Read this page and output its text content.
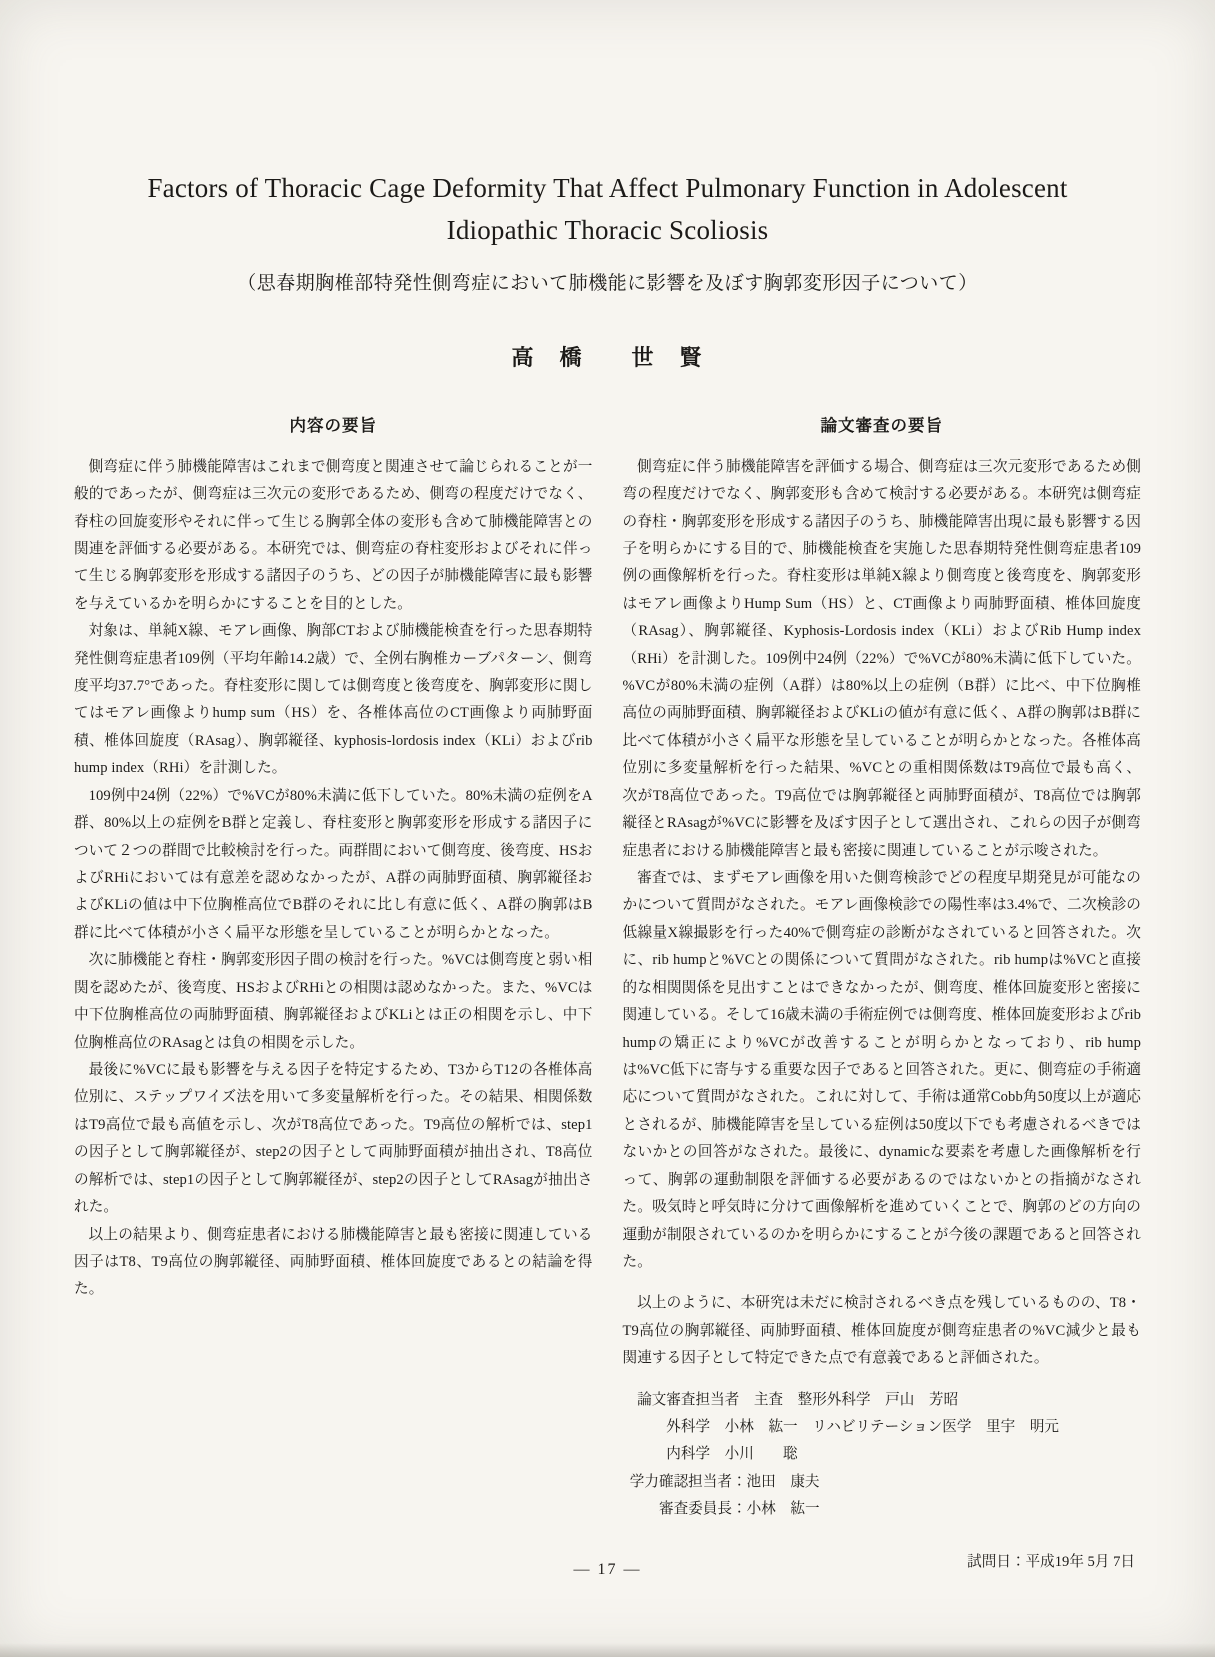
Factors of Thoracic Cage Deformity That Affect Pulmonary Function in Adolescent
Idiopathic Thoracic Scoliosis
（思春期胸椎部特発性側弯症において肺機能に影響を及ぼす胸郭変形因子について）
高　橋　　世　賢
内容の要旨

側弯症に伴う肺機能障害はこれまで側弯度と関連させて論じられることが一般的であったが、側弯症は三次元の変形であるため、側弯の程度だけでなく、脊柱の回旋変形やそれに伴って生じる胸郭全体の変形も含めて肺機能障害との関連を評価する必要がある。本研究では、側弯症の脊柱変形およびそれに伴って生じる胸郭変形を形成する諸因子のうち、どの因子が肺機能障害に最も影響を与えているかを明らかにすることを目的とした。

対象は、単純X線、モアレ画像、胸部CTおよび肺機能検査を行った思春期特発性側弯症患者109例（平均年齢14.2歳）で、全例右胸椎カーブパターン、側弯度平均37.7°であった。脊柱変形に関しては側弯度と後弯度を、胸郭変形に関してはモアレ画像よりhump sum（HS）を、各椎体高位のCT画像より両肺野面積、椎体回旋度（RAsag）、胸郭縦径、kyphosis-lordosis index（KLi）およびrib hump index（RHi）を計測した。

109例中24例（22%）で%VCが80%未満に低下していた。80%未満の症例をA群、80%以上の症例をB群と定義し、脊柱変形と胸郭変形を形成する諸因子について２つの群間で比較検討を行った。両群間において側弯度、後弯度、HSおよびRHiにおいては有意差を認めなかったが、A群の両肺野面積、胸郭縦径およびKLiの値は中下位胸椎高位でB群のそれに比し有意に低く、A群の胸郭はB群に比べて体積が小さく扁平な形態を呈していることが明らかとなった。

次に肺機能と脊柱・胸郭変形因子間の検討を行った。%VCは側弯度と弱い相関を認めたが、後弯度、HSおよびRHiとの相関は認めなかった。また、%VCは中下位胸椎高位の両肺野面積、胸郭縦径およびKLiとは正の相関を示し、中下位胸椎高位のRAsagとは負の相関を示した。

最後に%VCに最も影響を与える因子を特定するため、T3からT12の各椎体高位別に、ステップワイズ法を用いて多変量解析を行った。その結果、相関係数はT9高位で最も高値を示し、次がT8高位であった。T9高位の解析では、step1の因子として胸郭縦径が、step2の因子として両肺野面積が抽出され、T8高位の解析では、step1の因子として胸郭縦径が、step2の因子としてRAsagが抽出された。

以上の結果より、側弯症患者における肺機能障害と最も密接に関連している因子はT8、T9高位の胸郭縦径、両肺野面積、椎体回旋度であるとの結論を得た。

論文審査の要旨

側弯症に伴う肺機能障害を評価する場合、側弯症は三次元変形であるため側弯の程度だけでなく、胸郭変形も含めて検討する必要がある。本研究は側弯症の脊柱・胸郭変形を形成する諸因子のうち、肺機能障害出現に最も影響する因子を明らかにする目的で、肺機能検査を実施した思春期特発性側弯症患者109例の画像解析を行った。脊柱変形は単純X線より側弯度と後弯度を、胸郭変形はモアレ画像よりHump Sum（HS）と、CT画像より両肺野面積、椎体回旋度（RAsag）、胸郭縦径、Kyphosis-Lordosis index（KLi）およびRib Hump index（RHi）を計測した。109例中24例（22%）で%VCが80%未満に低下していた。%VCが80%未満の症例（A群）は80%以上の症例（B群）に比べ、中下位胸椎高位の両肺野面積、胸郭縦径およびKLiの値が有意に低く、A群の胸郭はB群に比べて体積が小さく扁平な形態を呈していることが明らかとなった。各椎体高位別に多変量解析を行った結果、%VCとの重相関係数はT9高位で最も高く、次がT8高位であった。T9高位では胸郭縦径と両肺野面積が、T8高位では胸郭縦径とRAsagが%VCに影響を及ぼす因子として選出され、これらの因子が側弯症患者における肺機能障害と最も密接に関連していることが示唆された。

審査では、まずモアレ画像を用いた側弯検診でどの程度早期発見が可能なのかについて質問がなされた。モアレ画像検診での陽性率は3.4%で、二次検診の低線量X線撮影を行った40%で側弯症の診断がなされていると回答された。次に、rib humpと%VCとの関係について質問がなされた。rib humpは%VCと直接的な相関関係を見出すことはできなかったが、側弯度、椎体回旋変形と密接に関連している。そして16歳未満の手術症例では側弯度、椎体回旋変形およびrib humpの矯正により%VCが改善することが明らかとなっており、rib humpは%VC低下に寄与する重要な因子であると回答された。更に、側弯症の手術適応について質問がなされた。これに対して、手術は通常Cobb角50度以上が適応とされるが、肺機能障害を呈している症例は50度以下でも考慮されるべきではないかとの回答がなされた。最後に、dynamicな要素を考慮した画像解析を行って、胸郭の運動制限を評価する必要があるのではないかとの指摘がなされた。吸気時と呼気時に分けて画像解析を進めていくことで、胸郭のどの方向の運動が制限されているのかを明らかにすることが今後の課題であると回答された。

以上のように、本研究は未だに検討されるべき点を残しているものの、T8・T9高位の胸郭縦径、両肺野面積、椎体回旋度が側弯症患者の%VC減少と最も関連する因子として特定できた点で有意義であると評価された。

論文審査担当者　主査　整形外科学　戸山　芳昭
外科学　小林　紘一　リハビリテーション医学　里宇　明元
内科学　小川　　聡
学力確認担当者：池田　康夫
審査委員長：小林　紘一
試問日：平成19年 5月 7日
— 17 —
